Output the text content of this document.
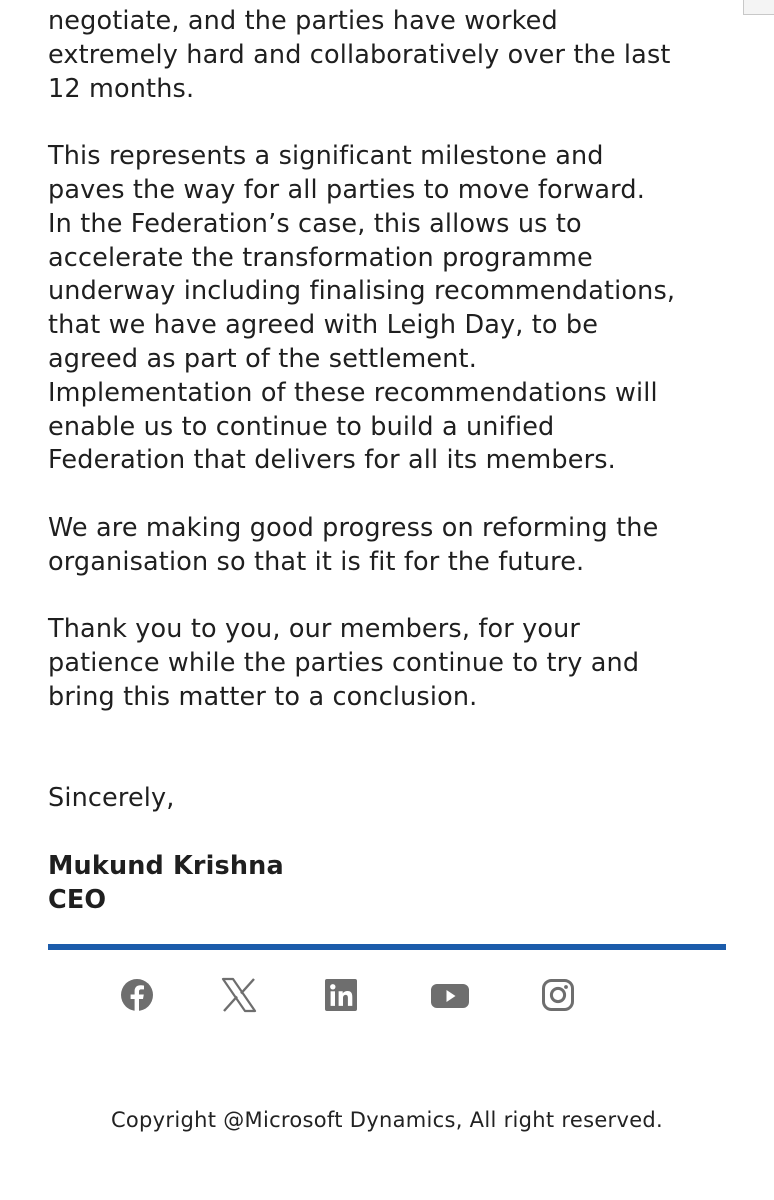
negotiate, and the parties have worked
extremely hard and collaboratively over the last
12 months.

This represents a significant milestone and
paves the way for all parties to move forward.
In the Federation’s case, this allows us to
accelerate the transformation programme
underway including finalising recommendations,
that we have agreed with Leigh Day, to be
agreed as part of the settlement.
Implementation of these recommendations will
enable us to continue to build a unified
Federation that delivers for all its members.

We are making good progress on reforming the
organisation so that it is fit for the future.

Thank you to you, our members, for your
patience while the parties continue to try and
bring this matter to a conclusion.

Sincerely,

Mukund Krishna
CEO
Copyright @Microsoft Dynamics, All right reserved.
